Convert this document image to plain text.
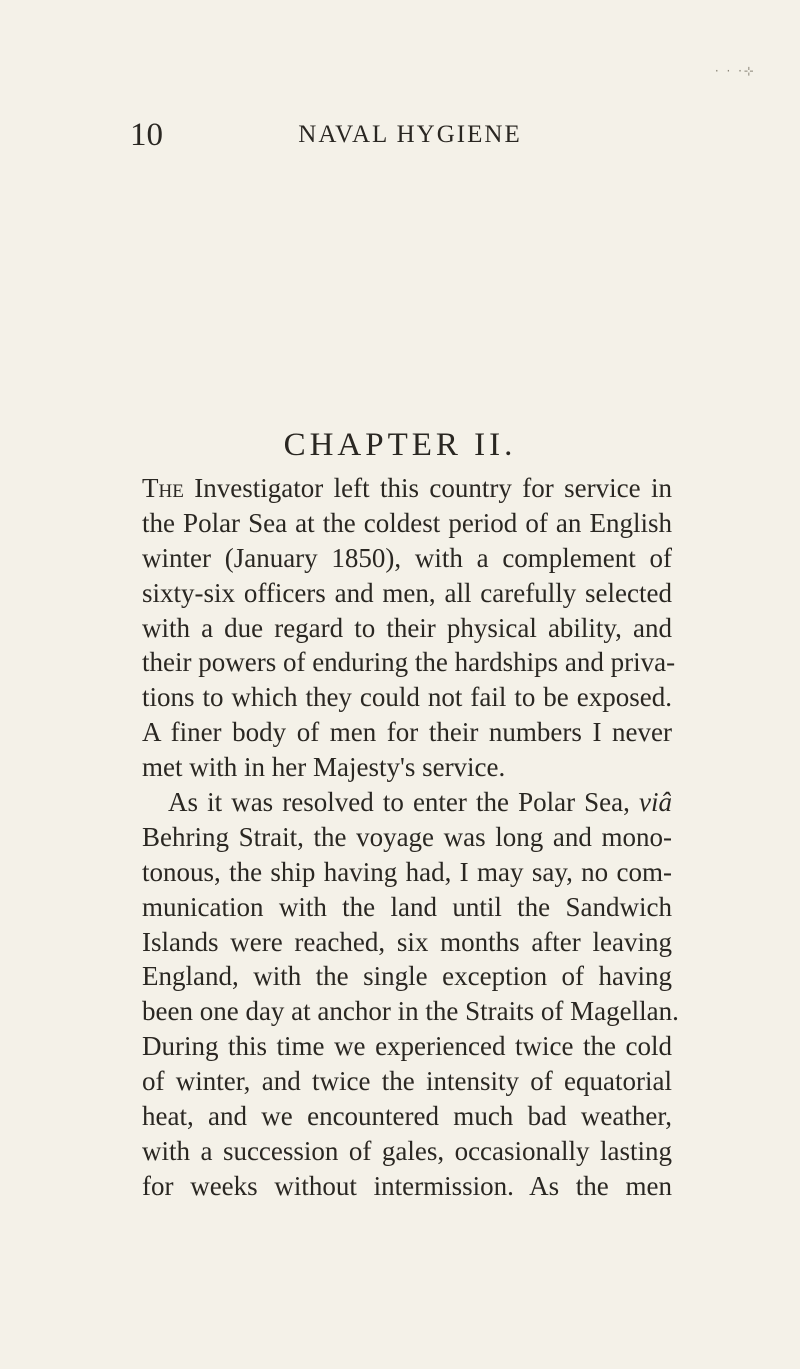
· · ·⊹
10	NAVAL HYGIENE
CHAPTER II.
The Investigator left this country for service in
the Polar Sea at the coldest period of an English
winter (January 1850), with a complement of
sixty-six officers and men, all carefully selected
with a due regard to their physical ability, and
their powers of enduring the hardships and priva-
tions to which they could not fail to be exposed.
A finer body of men for their numbers I never
met with in her Majesty's service.
As it was resolved to enter the Polar Sea, viâ
Behring Strait, the voyage was long and mono-
tonous, the ship having had, I may say, no com-
munication with the land until the Sandwich
Islands were reached, six months after leaving
England, with the single exception of having
been one day at anchor in the Straits of Magellan.
During this time we experienced twice the cold
of winter, and twice the intensity of equatorial
heat, and we encountered much bad weather,
with a succession of gales, occasionally lasting
for weeks without intermission. As the men
